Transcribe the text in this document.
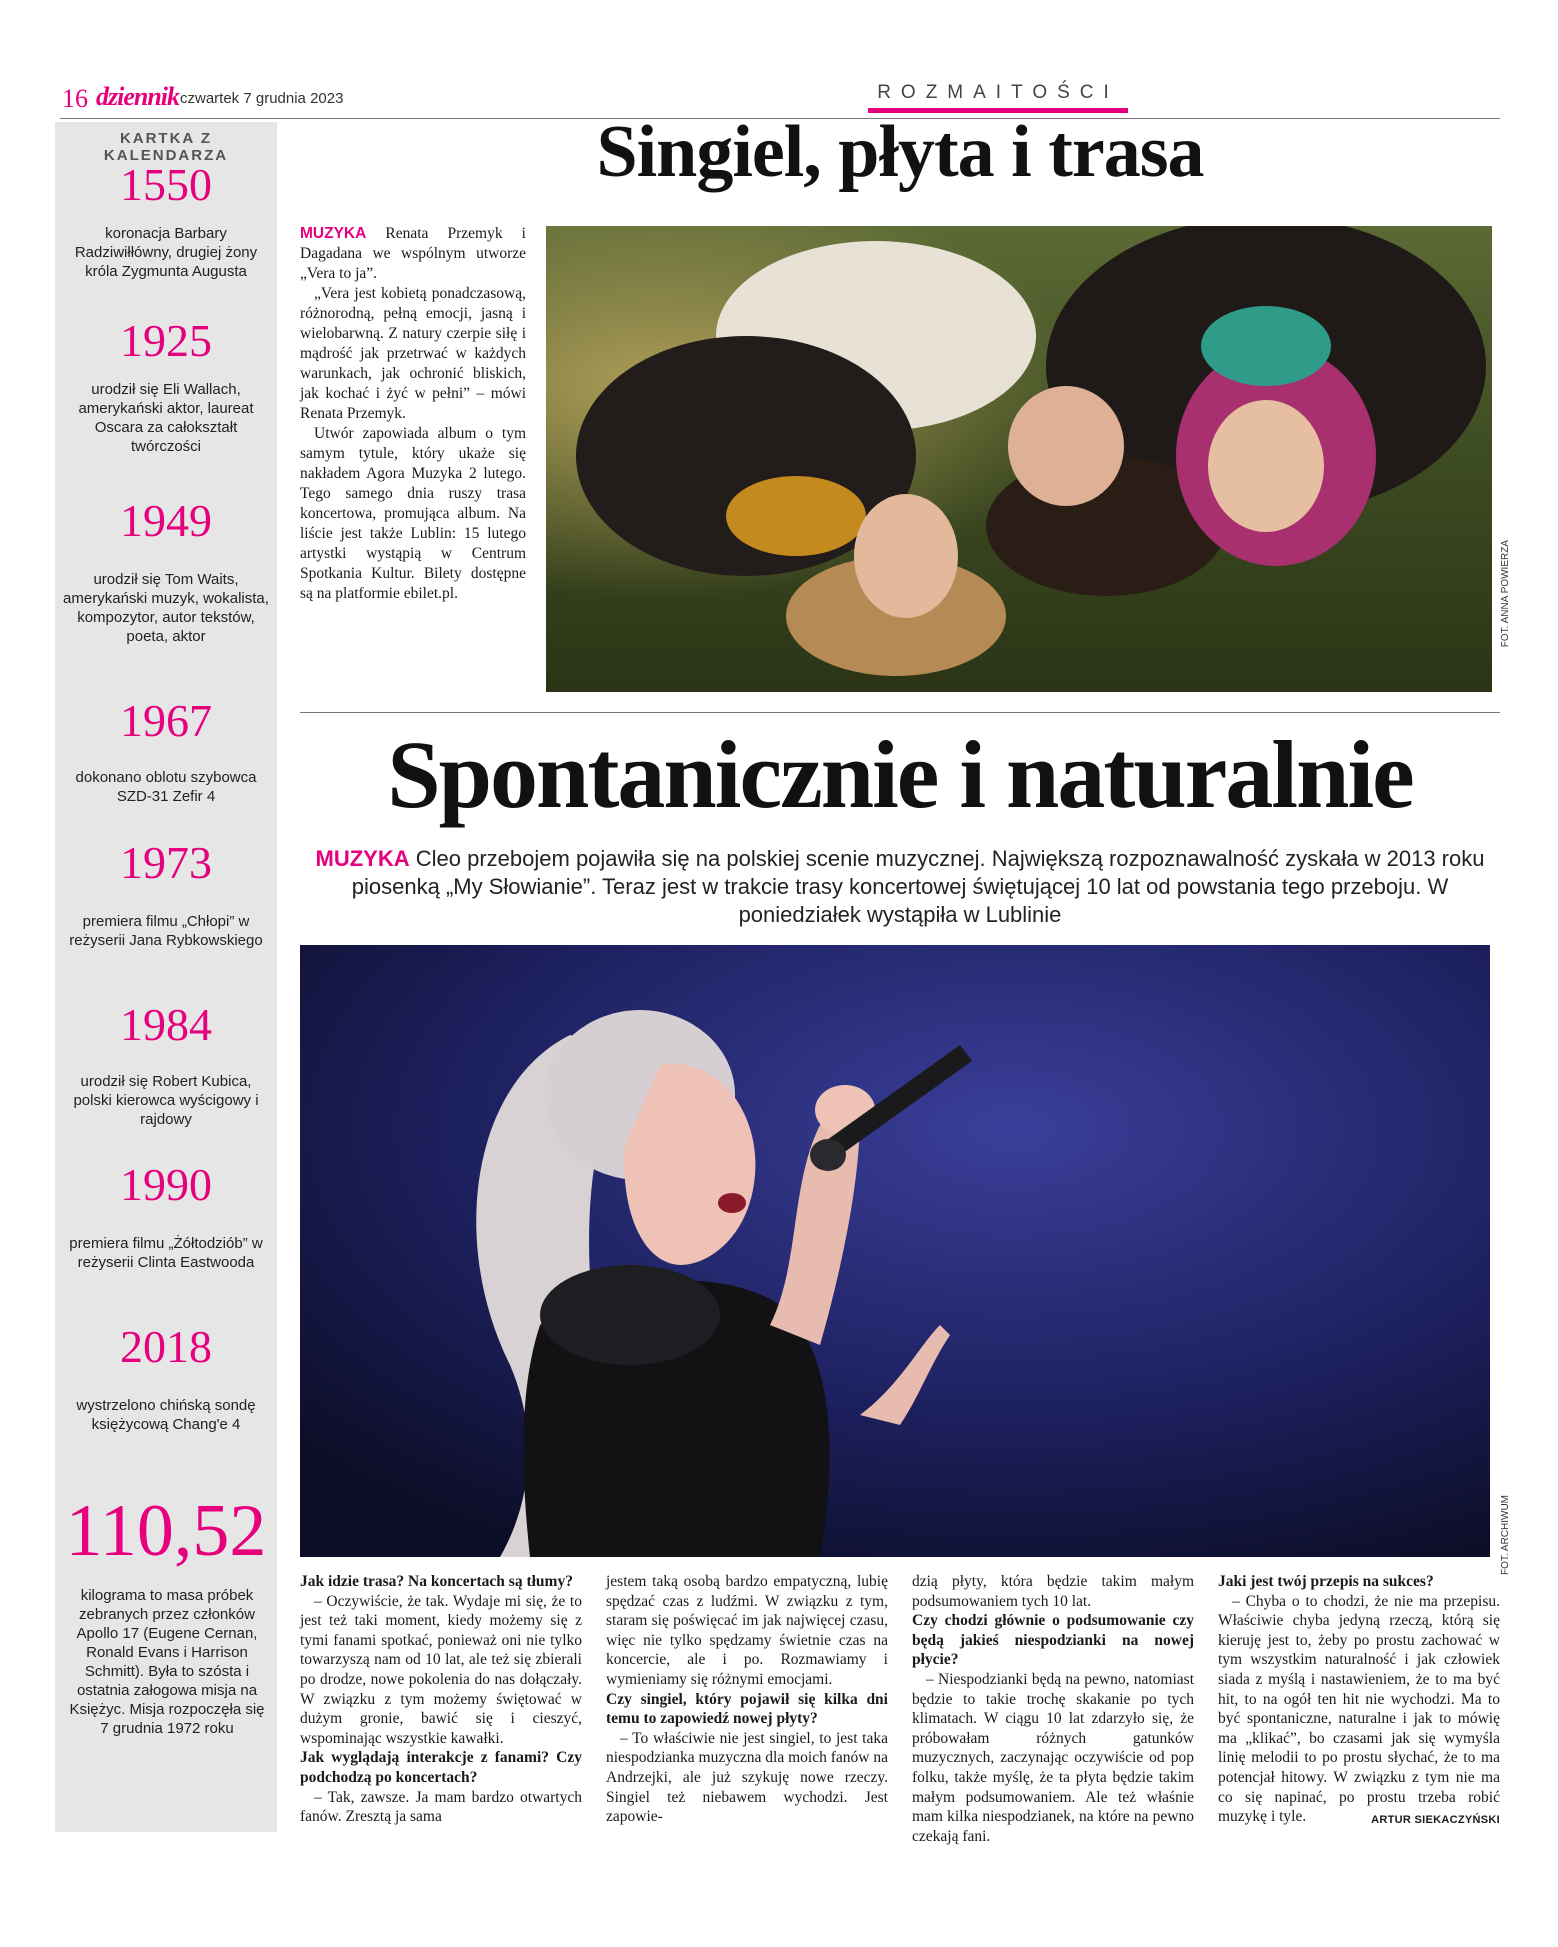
16 dziennik czwartek 7 grudnia 2023	ROZMAITOŚCI
KARTKA Z KALENDARZA
1550
koronacja Barbary Radziwiłłówny, drugiej żony króla Zygmunta Augusta
1925
urodził się Eli Wallach, amerykański aktor, laureat Oscara za całokształt twórczości
1949
urodził się Tom Waits, amerykański muzyk, wokalista, kompozytor, autor tekstów, poeta, aktor
1967
dokonano oblotu szybowca SZD-31 Zefir 4
1973
premiera filmu „Chłopi” w reżyserii Jana Rybkowskiego
1984
urodził się Robert Kubica, polski kierowca wyścigowy i rajdowy
1990
premiera filmu „Żółtodziób” w reżyserii Clinta Eastwooda
2018
wystrzelono chińską sondę księżycową Chang'e 4
110,52
kilograma to masa próbek zebranych przez członków Apollo 17 (Eugene Cernan, Ronald Evans i Harrison Schmitt). Była to szósta i ostatnia załogowa misja na Księżyc. Misja rozpoczęła się 7 grudnia 1972 roku
Singiel, płyta i trasa

MUZYKA Renata Przemyk i Dagadana we wspólnym utworze „Vera to ja”.

„Vera jest kobietą ponadczasową, różnorodną, pełną emocji, jasną i wielobarwną. Z natury czerpie siłę i mądrość jak przetrwać w każdych warunkach, jak ochronić bliskich, jak kochać i żyć w pełni” – mówi Renata Przemyk.

Utwór zapowiada album o tym samym tytule, który ukaże się nakładem Agora Muzyka 2 lutego. Tego samego dnia ruszy trasa koncertowa, promująca album. Na liście jest także Lublin: 15 lutego artystki wystąpią w Centrum Spotkania Kultur. Bilety dostępne są na platformie ebilet.pl.	FOT. ANNA POWIERZA
Spontanicznie i naturalnie

MUZYKA Cleo przebojem pojawiła się na polskiej scenie muzycznej. Największą rozpoznawalność zyskała w 2013 roku piosenką „My Słowianie”. Teraz jest w trakcie trasy koncertowej świętującej 10 lat od powstania tego przeboju. W poniedziałek wystąpiła w Lublinie

FOT. ARCHIWUM

Jak idzie trasa? Na koncertach są tłumy?

– Oczywiście, że tak. Wydaje mi się, że to jest też taki moment, kiedy możemy się z tymi fanami spotkać, ponieważ oni nie tylko towarzyszą nam od 10 lat, ale też się zbierali po drodze, nowe pokolenia do nas dołączały. W związku z tym możemy świętować w dużym gronie, bawić się i cieszyć, wspominając wszystkie kawałki.

Jak wyglądają interakcje z fanami? Czy podchodzą po koncertach?

– Tak, zawsze. Ja mam bardzo otwartych fanów. Zresztą ja sama

jestem taką osobą bardzo empatyczną, lubię spędzać czas z ludźmi. W związku z tym, staram się poświęcać im jak najwięcej czasu, więc nie tylko spędzamy świetnie czas na koncercie, ale i po. Rozmawiamy i wymieniamy się różnymi emocjami.

Czy singiel, który pojawił się kilka dni temu to zapowiedź nowej płyty?

– To właściwie nie jest singiel, to jest taka niespodzianka muzyczna dla moich fanów na Andrzejki, ale już szykuję nowe rzeczy. Singiel też niebawem wychodzi. Jest zapowie-

dzią płyty, która będzie takim małym podsumowaniem tych 10 lat.

Czy chodzi głównie o podsumowanie czy będą jakieś niespodzianki na nowej płycie?

– Niespodzianki będą na pewno, natomiast będzie to takie trochę skakanie po tych klimatach. W ciągu 10 lat zdarzyło się, że próbowałam różnych gatunków muzycznych, zaczynając oczywiście od pop folku, także myślę, że ta płyta będzie takim małym podsumowaniem. Ale też właśnie mam kilka niespodzianek, na które na pewno czekają fani.

Jaki jest twój przepis na sukces?

– Chyba o to chodzi, że nie ma przepisu. Właściwie chyba jedyną rzeczą, którą się kieruję jest to, żeby po prostu zachować w tym wszystkim naturalność i jak człowiek siada z myślą i nastawieniem, że to ma być hit, to na ogół ten hit nie wychodzi. Ma to być spontaniczne, naturalne i jak to mówię ma „klikać”, bo czasami jak się wymyśla linię melodii to po prostu słychać, że to ma potencjał hitowy. W związku z tym nie ma co się napinać, po prostu trzeba robić muzykę i tyle.	ARTUR SIEKACZYŃSKI
